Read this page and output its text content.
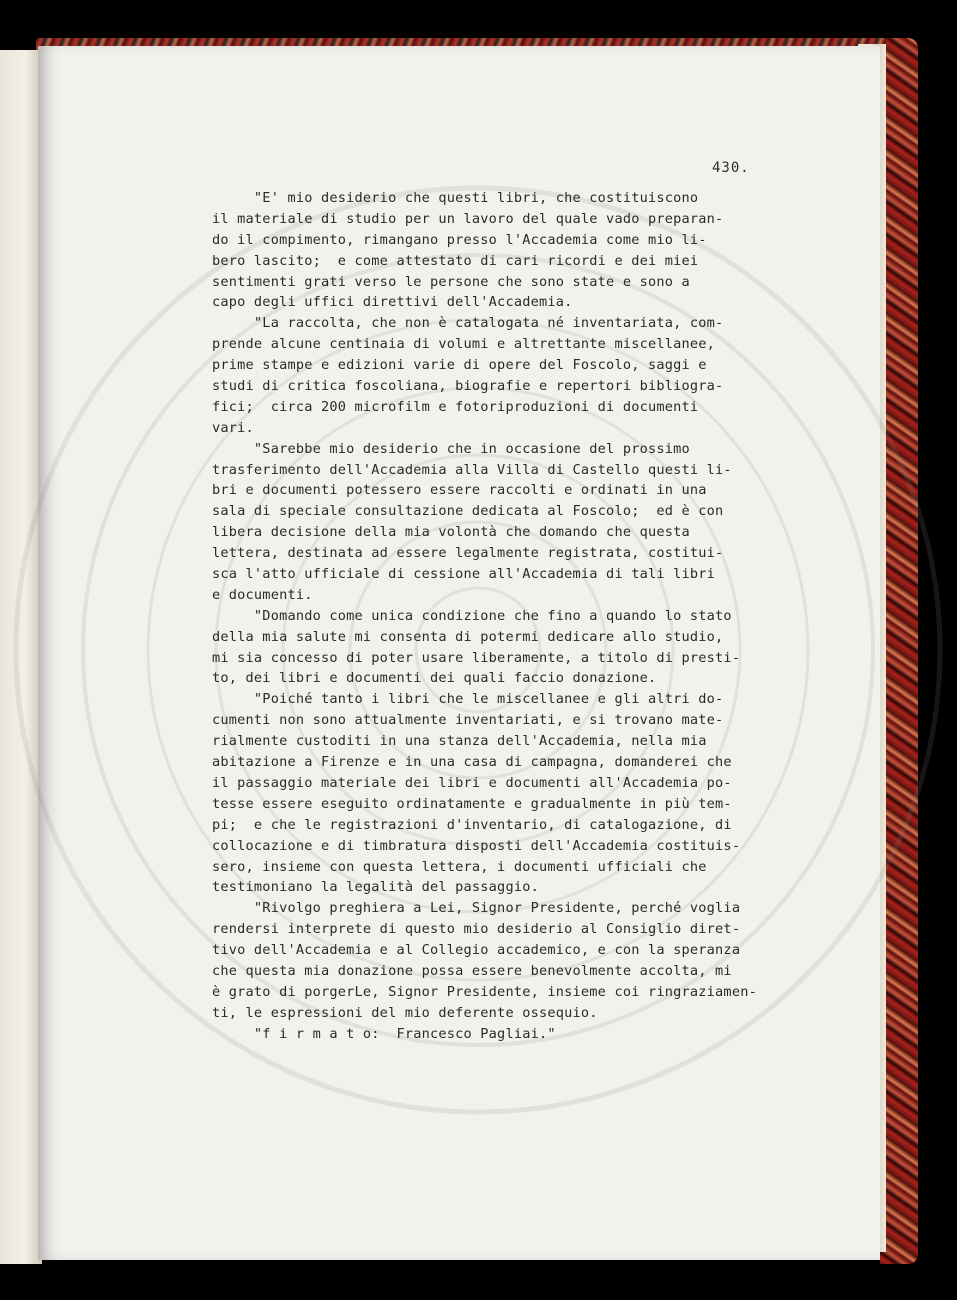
430.
"E' mio desiderio che questi libri, che costituiscono
il materiale di studio per un lavoro del quale vado preparan-
do il compimento, rimangano presso l'Accademia come mio li-
bero lascito;  e come attestato di cari ricordi e dei miei
sentimenti grati verso le persone che sono state e sono a
capo degli uffici direttivi dell'Accademia.
"La raccolta, che non è catalogata né inventariata, com-
prende alcune centinaia di volumi e altrettante miscellanee,
prime stampe e edizioni varie di opere del Foscolo, saggi e
studi di critica foscoliana, biografie e repertori bibliogra-
fici;  circa 200 microfilm e fotoriproduzioni di documenti
vari.
"Sarebbe mio desiderio che in occasione del prossimo
trasferimento dell'Accademia alla Villa di Castello questi li-
bri e documenti potessero essere raccolti e ordinati in una
sala di speciale consultazione dedicata al Foscolo;  ed è con
libera decisione della mia volontà che domando che questa
lettera, destinata ad essere legalmente registrata, costitui-
sca l'atto ufficiale di cessione all'Accademia di tali libri
e documenti.
"Domando come unica condizione che fino a quando lo stato
della mia salute mi consenta di potermi dedicare allo studio,
mi sia concesso di poter usare liberamente, a titolo di presti-
to, dei libri e documenti dei quali faccio donazione.
"Poiché tanto i libri che le miscellanee e gli altri do-
cumenti non sono attualmente inventariati, e si trovano mate-
rialmente custoditi in una stanza dell'Accademia, nella mia
abitazione a Firenze e in una casa di campagna, domanderei che
il passaggio materiale dei libri e documenti all'Accademia po-
tesse essere eseguito ordinatamente e gradualmente in più tem-
pi;  e che le registrazioni d'inventario, di catalogazione, di
collocazione e di timbratura disposti dell'Accademia costituis-
sero, insieme con questa lettera, i documenti ufficiali che
testimoniano la legalità del passaggio.
"Rivolgo preghiera a Lei, Signor Presidente, perché voglia
rendersi interprete di questo mio desiderio al Consiglio diret-
tivo dell'Accademia e al Collegio accademico, e con la speranza
che questa mia donazione possa essere benevolmente accolta, mi
è grato di porgerLe, Signor Presidente, insieme coi ringraziamen-
ti, le espressioni del mio deferente ossequio.
"f i r m a t o:  Francesco Pagliai."
